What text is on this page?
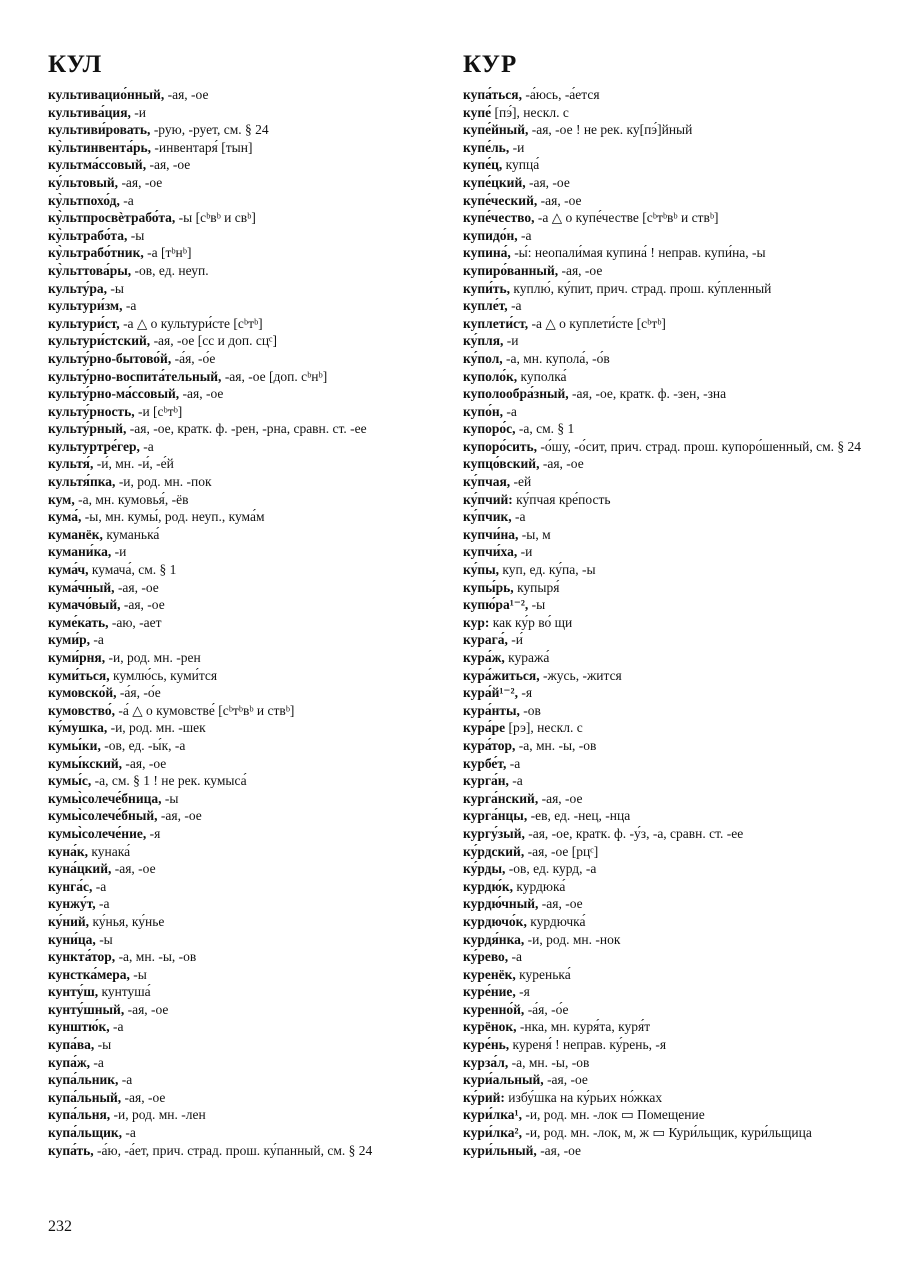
КУЛ
культивацио́нный, -ая, -ое
культива́ция, -и
культиви́ровать, -рую, -рует, см. § 24
ку̀льтинвента́рь, -инвентаря́ [тын]
культма́ссовый, -ая, -ое
ку́льтовый, -ая, -ое
ку̀льтпохо́д, -а
ку̀льтпросвѐтрабо́та, -ы [cᵇвᵇ и свᵇ]
ку̀льтрабо́та, -ы
ку̀льтрабо́тник, -а [тᵇнᵇ]
ку̀льттова́ры, -ов, ед. неуп.
культу́ра, -ы
культури́зм, -а
культури́ст, -а △ о культури́сте [cᵇтᵇ]
культури́стский, -ая, -ое [сс и доп. сцᶜ]
культу́рно-бытово́й, -а́я, -о́е
культу́рно-воспита́тельный, -ая, -ое [доп. cᵇнᵇ]
культу́рно-ма́ссовый, -ая, -ое
культу́рность, -и [cᵇтᵇ]
культу́рный, -ая, -ое, кратк. ф. -рен, -рна, сравн. ст. -ее
культуртре́гер, -а
культя́, -и́, мн. -и́, -е́й
культя́пка, -и, род. мн. -пок
кум, -а, мн. кумовья́, -ёв
кума́, -ы, мн. кумы́, род. неуп., кума́м
куманёк, куманька́
кумани́ка, -и
кума́ч, кумача́, см. § 1
кума́чный, -ая, -ое
кумачо́вый, -ая, -ое
куме́кать, -аю, -ает
куми́р, -а
куми́рня, -и, род. мн. -рен
куми́ться, кумлю́сь, куми́тся
кумовско́й, -а́я, -о́е
кумовство́, -а́ △ о кумовстве́ [cᵇтᵇвᵇ и ствᵇ]
ку́мушка, -и, род. мн. -шек
кумы́ки, -ов, ед. -ы́к, -а
кумы́кский, -ая, -ое
кумы́с, -а, см. § 1 ! не рек. кумыса́
кумы̀солече́бница, -ы
кумы̀солече́бный, -ая, -ое
кумы̀солече́ние, -я
куна́к, кунака́
куна́цкий, -ая, -ое
кунга́с, -а
кунжу́т, -а
ку́ний, ку́нья, ку́нье
куни́ца, -ы
кункта́тор, -а, мн. -ы, -ов
кунстка́мера, -ы
кунту́ш, кунтуша́
кунту́шный, -ая, -ое
кунштю́к, -а
купа́ва, -ы
купа́ж, -а
купа́льник, -а
купа́льный, -ая, -ое
купа́льня, -и, род. мн. -лен
купа́льщик, -а
купа́ть, -а́ю, -а́ет, прич. страд. прош. ку́панный, см. § 24
КУР
купа́ться, -а́юсь, -а́ется
купе́ [пэ́], нескл. с
купе́йный, -ая, -ое ! не рек. ку[пэ́]йный
купе́ль, -и
купе́ц, купца́
купе́цкий, -ая, -ое
купе́ческий, -ая, -ое
купе́чество, -а △ о купе́честве [cᵇтᵇвᵇ и ствᵇ]
купидо́н, -а
купина́, -ы́: неопали́мая купина́ ! неправ. купи́на, -ы
купиро́ванный, -ая, -ое
купи́ть, куплю́, ку́пит, прич. страд. прош. ку́пленный
купле́т, -а
куплети́ст, -а △ о куплети́сте [cᵇтᵇ]
ку́пля, -и
ку́пол, -а, мн. купола́, -о́в
куполо́к, куполка́
куполообра́зный, -ая, -ое, кратк. ф. -зен, -зна
купо́н, -а
купоро́с, -а, см. § 1
купоро́сить, -о́шу, -о́сит, прич. страд. прош. купоро́шенный, см. § 24
купцо́вский, -ая, -ое
ку́пчая, -ей
ку́пчий: ку́пчая кре́пость
ку́пчик, -а
купчи́на, -ы, м
купчи́ха, -и
ку́пы, куп, ед. ку́па, -ы
купы́рь, купыря́
купю́ра¹⁻², -ы
кур: как ку́р во́ щи
курага́, -и́
кура́ж, куража́
кура́житься, -жусь, -жится
кура́й¹⁻², -я
кура́нты, -ов
кура́ре [рэ], нескл. с
кура́тор, -а, мн. -ы, -ов
курбе́т, -а
курга́н, -а
курга́нский, -ая, -ое
курга́нцы, -ев, ед. -нец, -нца
кургу́зый, -ая, -ое, кратк. ф. -у́з, -а, сравн. ст. -ее
ку́рдский, -ая, -ое [рцᶜ]
ку́рды, -ов, ед. курд, -а
курдю́к, курдюка́
курдю́чный, -ая, -ое
курдючо́к, курдючка́
курдя́нка, -и, род. мн. -нок
ку́рево, -а
куренёк, куренька́
куре́ние, -я
куренно́й, -а́я, -о́е
курёнок, -нка, мн. куря́та, куря́т
куре́нь, куреня́ ! неправ. ку́рень, -я
курза́л, -а, мн. -ы, -ов
кури́альный, -ая, -ое
ку́рий: избу́шка на ку́рьих но́жках
кури́лка¹, -и, род. мн. -лок ▭ Помещение
кури́лка², -и, род. мн. -лок, м, ж ▭ Кури́льщик, кури́льщица
кури́льный, -ая, -ое
232
